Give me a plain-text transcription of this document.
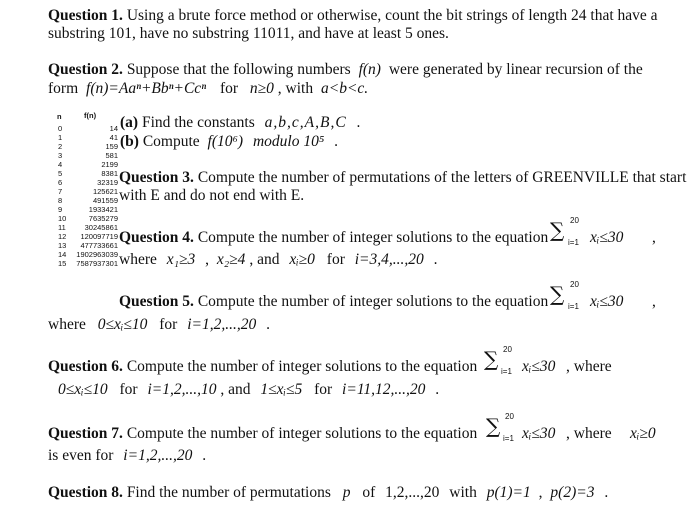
Question 1. Using a brute force method or otherwise, count the bit strings of length 24 that have a
substring 101, have no substring 11011, and have at least 5 ones.
Question 2. Suppose that the following numbers f(n) were generated by linear recursion of the
form f(n)=Aaⁿ+Bbⁿ+Ccⁿ for n≥0 , with a<b<c.
n	f(n)
0
1
2
3
4
5
6
7
8
9
10
11
12
13
14
15
14
41
159
581
2199
8381
32319
125621
491559
1933421
7635279
30245861
120097719
477733661
1902963039
7587937301
(a) Find the constants a,b,c,A,B,C .
(b) Compute f(10⁶) modulo 10⁵ .
Question 3. Compute the number of permutations of the letters of GREENVILLE that start
with E and do not end with E.
Question 4. Compute the number of integer solutions to the equation ∑ 20
i=1 xᵢ≤30 ,
where x₁≥3 , x₂≥4 , and xᵢ≥0 for i=3,4,...,20 .
Question 5. Compute the number of integer solutions to the equation ∑ 20
i=1 xᵢ≤30 ,
where 0≤xᵢ≤10 for i=1,2,...,20 .
Question 6. Compute the number of integer solutions to the equation ∑ 20
i=1 xᵢ≤30 , where
0≤xᵢ≤10 for i=1,2,...,10 , and 1≤xᵢ≤5 for i=11,12,...,20 .
Question 7. Compute the number of integer solutions to the equation ∑ 20
i=1 xᵢ≤30 , where xᵢ≥0
is even for i=1,2,...,20 .
Question 8. Find the number of permutations p of 1,2,...,20 with p(1)=1 , p(2)=3 .
